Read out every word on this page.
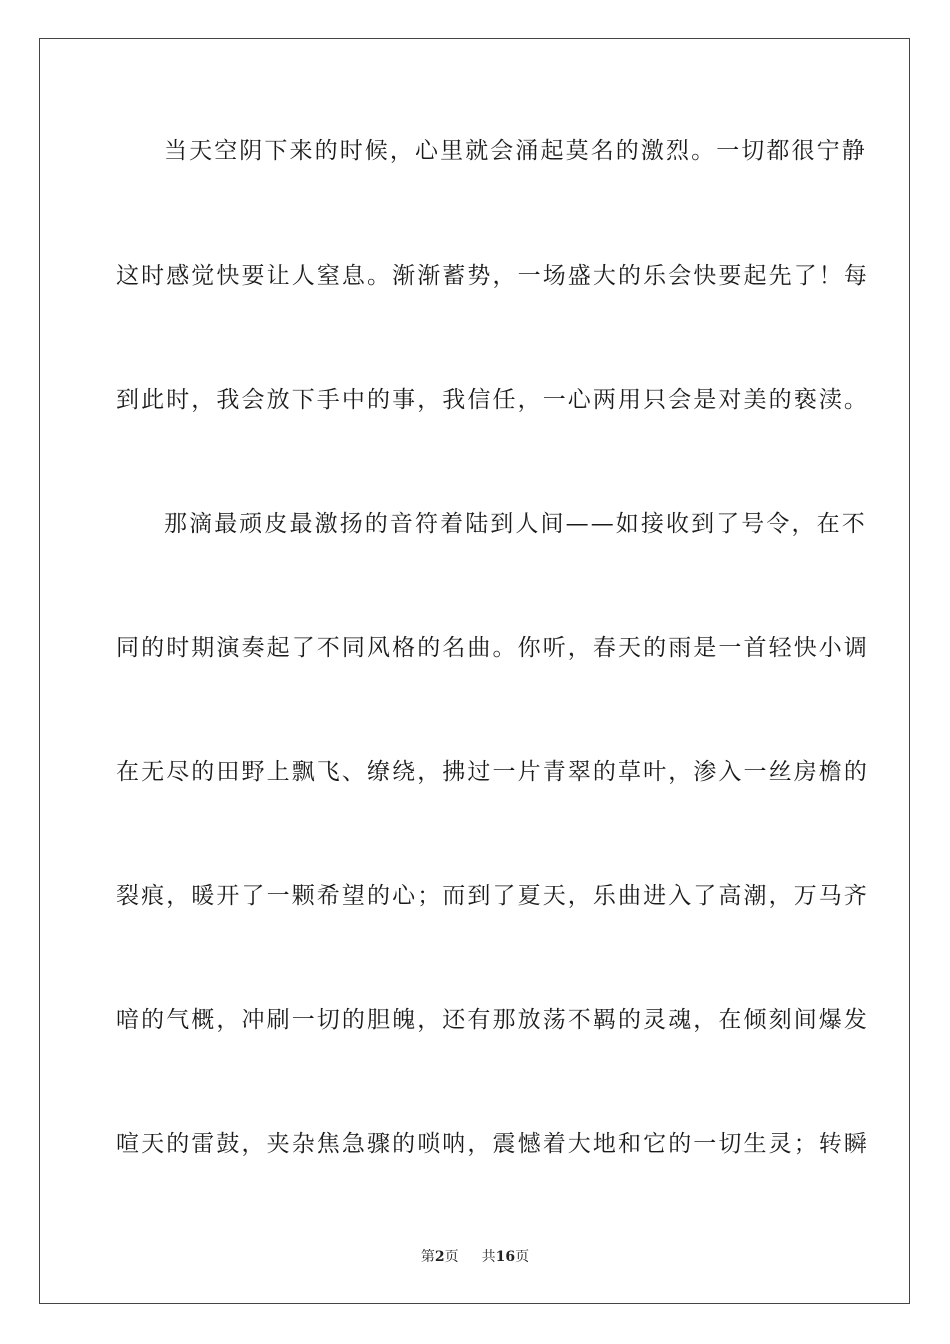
当天空阴下来的时候，心里就会涌起莫名的激烈。一切都很宁静
这时感觉快要让人窒息。渐渐蓄势，一场盛大的乐会快要起先了！每
到此时，我会放下手中的事，我信任，一心两用只会是对美的亵渎。
那滴最顽皮最激扬的音符着陆到人间——如接收到了号令，在不
同的时期演奏起了不同风格的名曲。你听，春天的雨是一首轻快小调
在无尽的田野上飘飞、缭绕，拂过一片青翠的草叶，渗入一丝房檐的
裂痕，暖开了一颗希望的心；而到了夏天，乐曲进入了高潮，万马齐
喑的气概，冲刷一切的胆魄，还有那放荡不羁的灵魂，在倾刻间爆发
喧天的雷鼓，夹杂焦急骤的唢呐，震憾着大地和它的一切生灵；转瞬
第2页 共16页
